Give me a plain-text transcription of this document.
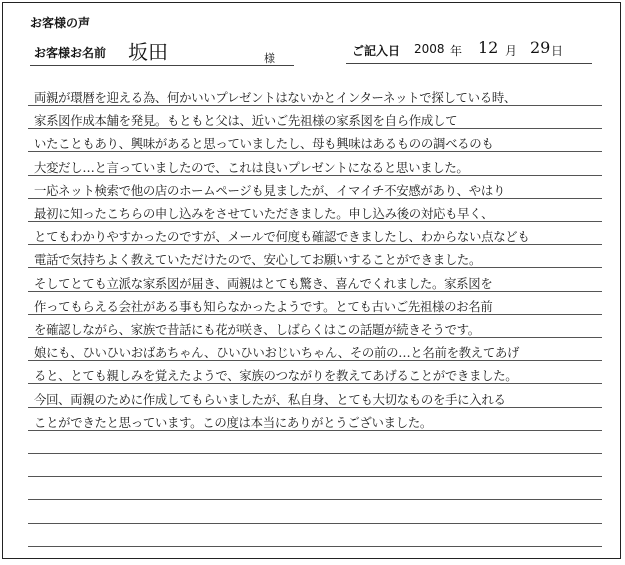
お客様の声
お客様お名前 坂田	様
ご記入日 2008 年 12 月 29 日
両親が環暦を迎える為、何かいいプレゼントはないかとインターネットで探している時、
家系図作成本舗を発見。もともと父は、近いご先祖様の家系図を自ら作成して
いたこともあり、興味があると思っていましたし、母も興味はあるものの調べるのも
大変だし…と言っていましたので、これは良いプレゼントになると思いました。
一応ネット検索で他の店のホームページも見ましたが、イマイチ不安感があり、やはり
最初に知ったこちらの申し込みをさせていただきました。申し込み後の対応も早く、
とてもわかりやすかったのですが、メールで何度も確認できましたし、わからない点なども
電話で気持ちよく教えていただけたので、安心してお願いすることができました。
そしてとても立派な家系図が届き、両親はとても驚き、喜んでくれました。家系図を
作ってもらえる会社がある事も知らなかったようです。とても古いご先祖様のお名前
を確認しながら、家族で昔話にも花が咲き、しばらくはこの話題が続きそうです。
娘にも、ひいひいおばあちゃん、ひいひいおじいちゃん、その前の…と名前を教えてあげ
ると、とても親しみを覚えたようで、家族のつながりを教えてあげることができました。
今回、両親のために作成してもらいましたが、私自身、とても大切なものを手に入れる
ことができたと思っています。この度は本当にありがとうございました。
